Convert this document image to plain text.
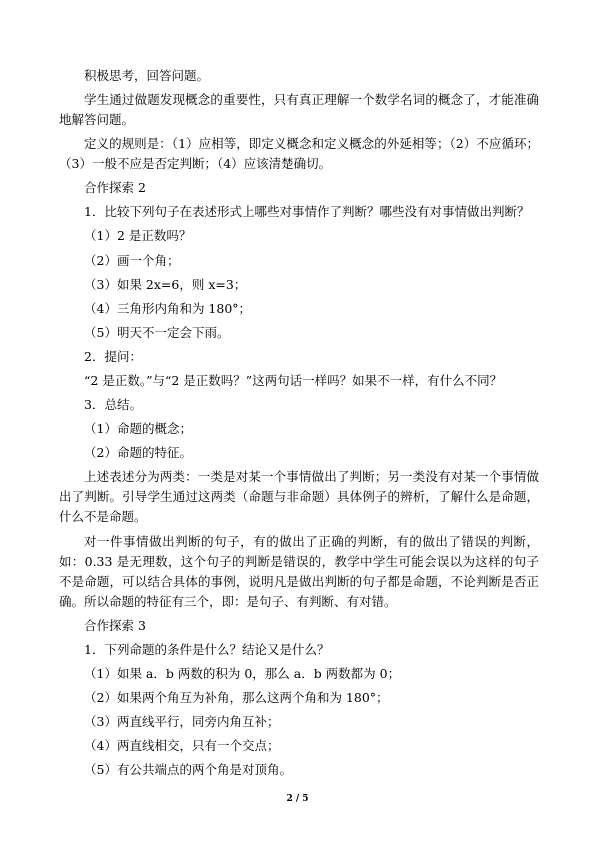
积极思考，回答问题。

学生通过做题发现概念的重要性，只有真正理解一个数学名词的概念了，才能准确地解答问题。

定义的规则是：（1）应相等，即定义概念和定义概念的外延相等；（2）不应循环；（3）一般不应是否定判断；（4）应该清楚确切。

合作探索 2

1．比较下列句子在表述形式上哪些对事情作了判断？哪些没有对事情做出判断？

（1）2 是正数吗？

（2）画一个角；

（3）如果 2x=6，则 x=3；

（4）三角形内角和为 180°；

（5）明天不一定会下雨。

2．提问：

“2 是正数。”与“2 是正数吗？”这两句话一样吗？如果不一样，有什么不同？

3．总结。

（1）命题的概念；

（2）命题的特征。

上述表述分为两类：一类是对某一个事情做出了判断；另一类没有对某一个事情做出了判断。引导学生通过这两类（命题与非命题）具体例子的辨析，了解什么是命题，什么不是命题。

对一件事情做出判断的句子，有的做出了正确的判断，有的做出了错误的判断，如：0.33 是无理数，这个句子的判断是错误的，教学中学生可能会误以为这样的句子不是命题，可以结合具体的事例，说明凡是做出判断的句子都是命题，不论判断是否正确。所以命题的特征有三个，即：是句子、有判断、有对错。

合作探索 3

1．下列命题的条件是什么？结论又是什么？

（1）如果 a．b 两数的积为 0，那么 a．b 两数都为 0；

（2）如果两个角互为补角，那么这两个角和为 180°；

（3）两直线平行，同旁内角互补；

（4）两直线相交，只有一个交点；

（5）有公共端点的两个角是对顶角。

2 / 5
